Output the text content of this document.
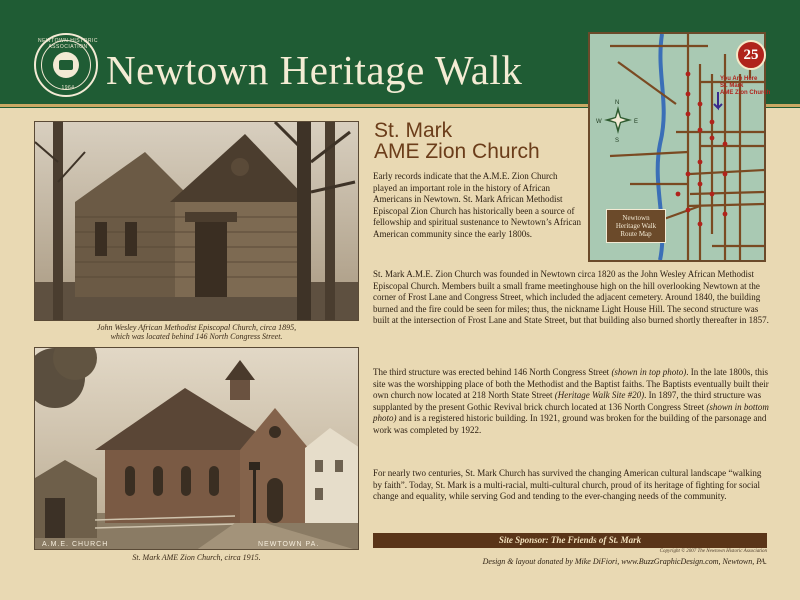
NEWTOWN HISTORIC ASSOCIATION
1964 Newtown Heritage Walk
N
E
S
W
25
You Are Here
St. Mark
AME Zion Church
Newtown
Heritage Walk
Route Map
John Wesley African Methodist Episcopal Church, circa 1895,
which was located behind 146 North Congress Street.
A.M.E. CHURCH	NEWTOWN PA.
St. Mark AME Zion Church, circa 1915.
St. Mark
AME Zion Church
Early records indicate that the A.M.E. Zion Church played an important role in the history of African Americans in Newtown. St. Mark African Methodist Episcopal Zion Church has historically been a source of fellowship and spiritual sustenance to Newtown’s African American community since the early 1800s.
St. Mark A.M.E. Zion Church was founded in Newtown circa 1820 as the John Wesley African Methodist Episcopal Church. Members built a small frame meetinghouse high on the hill overlooking Newtown at the corner of Frost Lane and Congress Street, which included the adjacent cemetery. Around 1840, the building burned and the fire could be seen for miles; thus, the nickname Light House Hill. The second structure was built at the intersection of Frost Lane and State Street, but that building also burned shortly thereafter in 1857.
The third structure was erected behind 146 North Congress Street (shown in top photo). In the late 1800s, this site was the worshipping place of both the Methodist and the Baptist faiths. The Baptists eventually built their own church now located at 218 North State Street (Heritage Walk Site #20). In 1897, the third structure was supplanted by the present Gothic Revival brick church located at 136 North Congress Street (shown in bottom photo) and is a registered historic building. In 1921, ground was broken for the building of the parsonage and work was completed by 1922.
For nearly two centuries, St. Mark Church has survived the changing American cultural landscape “walking by faith”. Today, St. Mark is a multi-racial, multi-cultural church, proud of its heritage of fighting for social change and equality, while serving God and tending to the ever-changing needs of the community.
Site Sponsor: The Friends of St. Mark
Copyright © 2007 The Newtown Historic Association
Design & layout donated by Mike DiFiori, www.BuzzGraphicDesign.com, Newtown, PA.
